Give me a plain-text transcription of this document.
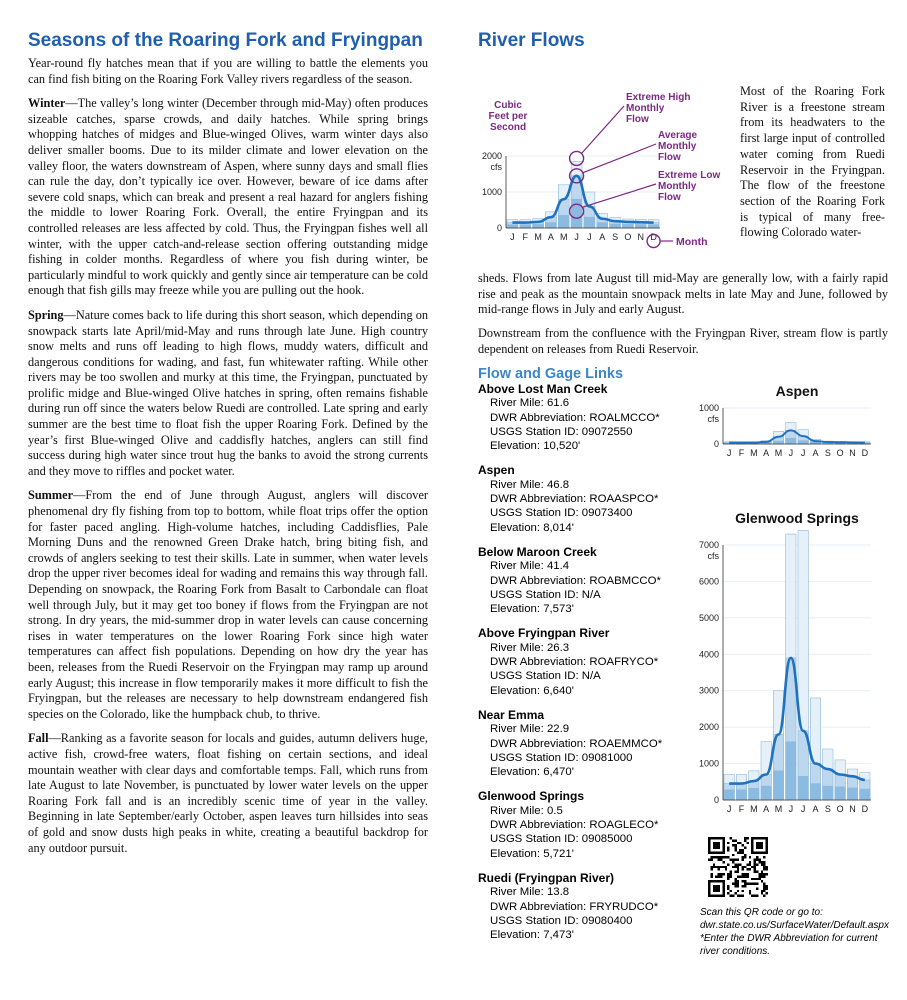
Seasons of the Roaring Fork and Fryingpan

Year-round fly hatches mean that if you are willing to battle the elements you can find fish biting on the Roaring Fork Valley rivers regardless of the season.

Winter—The valley’s long winter (December through mid-May) often produces sizeable catches, sparse crowds, and daily hatches. While spring brings whopping hatches of midges and Blue-winged Olives, warm winter days also deliver smaller booms. Due to its milder climate and lower elevation on the valley floor, the waters downstream of Aspen, where sunny days and small flies can rule the day, don’t typically ice over. However, beware of ice dams after severe cold snaps, which can break and present a real hazard for anglers fishing the middle to lower Roaring Fork. Overall, the entire Fryingpan and its controlled releases are less affected by cold. Thus, the Fryingpan fishes well all winter, with the upper catch-and-release section offering outstanding midge fishing in colder months. Regardless of where you fish during winter, be particularly mindful to work quickly and gently since air temperature can be cold enough that fish gills may freeze while you are pulling out the hook.

Spring—Nature comes back to life during this short season, which depending on snowpack starts late April/mid-May and runs through late June. High country snow melts and runs off leading to high flows, muddy waters, difficult and dangerous conditions for wading, and fast, fun whitewater rafting. While other rivers may be too swollen and murky at this time, the Fryingpan, punctuated by prolific midge and Blue-winged Olive hatches in spring, often remains fishable during run off since the waters below Ruedi are controlled. Late spring and early summer are the best time to float fish the upper Roaring Fork. Defined by the year’s first Blue-winged Olive and caddisfly hatches, anglers can still find success during high water since trout hug the banks to avoid the strong currents and they move to riffles and pocket water.

Summer—From the end of June through August, anglers will discover phenomenal dry fly fishing from top to bottom, while float trips offer the option for faster paced angling. High-volume hatches, including Caddisflies, Pale Morning Duns and the renowned Green Drake hatch, bring biting fish, and crowds of anglers seeking to test their skills. Late in summer, when water levels drop the upper river becomes ideal for wading and remains this way through fall. Depending on snowpack, the Roaring Fork from Basalt to Carbondale can float well through July, but it may get too boney if flows from the Fryingpan are not strong. In dry years, the mid-summer drop in water levels can cause concerning rises in water temperatures on the lower Roaring Fork since high water temperatures can affect fish populations. Depending on how dry the year has been, releases from the Ruedi Reservoir on the Fryingpan may ramp up around early August; this increase in flow temporarily makes it more difficult to fish the Fryingpan, but the releases are necessary to help downstream endangered fish species on the Colorado, like the humpback chub, to thrive.

Fall—Ranking as a favorite season for locals and guides, autumn delivers huge, active fish, crowd-free waters, float fishing on certain sections, and ideal mountain weather with clear days and comfortable temps. Fall, which runs from late August to late November, is punctuated by lower water levels on the upper Roaring Fork fall and is an incredibly scenic time of year in the valley. Beginning in late September/early October, aspen leaves turn hillsides into seas of gold and snow dusts high peaks in white, creating a beautiful backdrop for any outdoor pursuit.

River Flows
2000
1000
0
J F M A M J J A S O N D
cfs
Cubic
Feet per
Second
Extreme High
Monthly
Flow
Average
Monthly
Flow
Extreme Low
Monthly
Flow
Month

Most of the Roaring Fork River is a freestone stream from its headwaters to the first large input of controlled water coming from Ruedi Reservoir in the Fryingpan. The flow of the freestone section of the Roaring Fork is typical of many free-flowing Colorado water-

sheds. Flows from late August till mid-May are generally low, with a fairly rapid rise and peak as the mountain snowpack melts in late May and June, followed by mid-range flows in July and early August.

Downstream from the confluence with the Fryingpan River, stream flow is partly dependent on releases from Ruedi Reservoir.

Flow and Gage Links
Above Lost Man Creek
River Mile: 61.6
DWR Abbreviation: ROALMCCO*
USGS Station ID: 09072550
Elevation: 10,520'
Aspen
River Mile: 46.8
DWR Abbreviation: ROAASPCO*
USGS Station ID: 09073400
Elevation: 8,014'
Below Maroon Creek
River Mile: 41.4
DWR Abbreviation: ROABMCCO*
USGS Station ID: N/A
Elevation: 7,573'
Above Fryingpan River
River Mile: 26.3
DWR Abbreviation: ROAFRYCO*
USGS Station ID: N/A
Elevation: 6,640'
Near Emma
River Mile: 22.9
DWR Abbreviation: ROAEMMCO*
USGS Station ID: 09081000
Elevation: 6,470'
Glenwood Springs
River Mile: 0.5
DWR Abbreviation: ROAGLECO*
USGS Station ID: 09085000
Elevation: 5,721'
Ruedi (Fryingpan River)
River Mile: 13.8
DWR Abbreviation: FRYRUDCO*
USGS Station ID: 09080400
Elevation: 7,473'
1000
0
J F M A M J J A S O N D
cfs
Aspen
7000
6000
5000
4000
3000
2000
1000
0
J F M A M J J A S O N D
cfs
Glenwood Springs
Scan this QR code or go to:
dwr.state.co.us/SurfaceWater/Default.aspx
*Enter the DWR Abbreviation for current
river conditions.
